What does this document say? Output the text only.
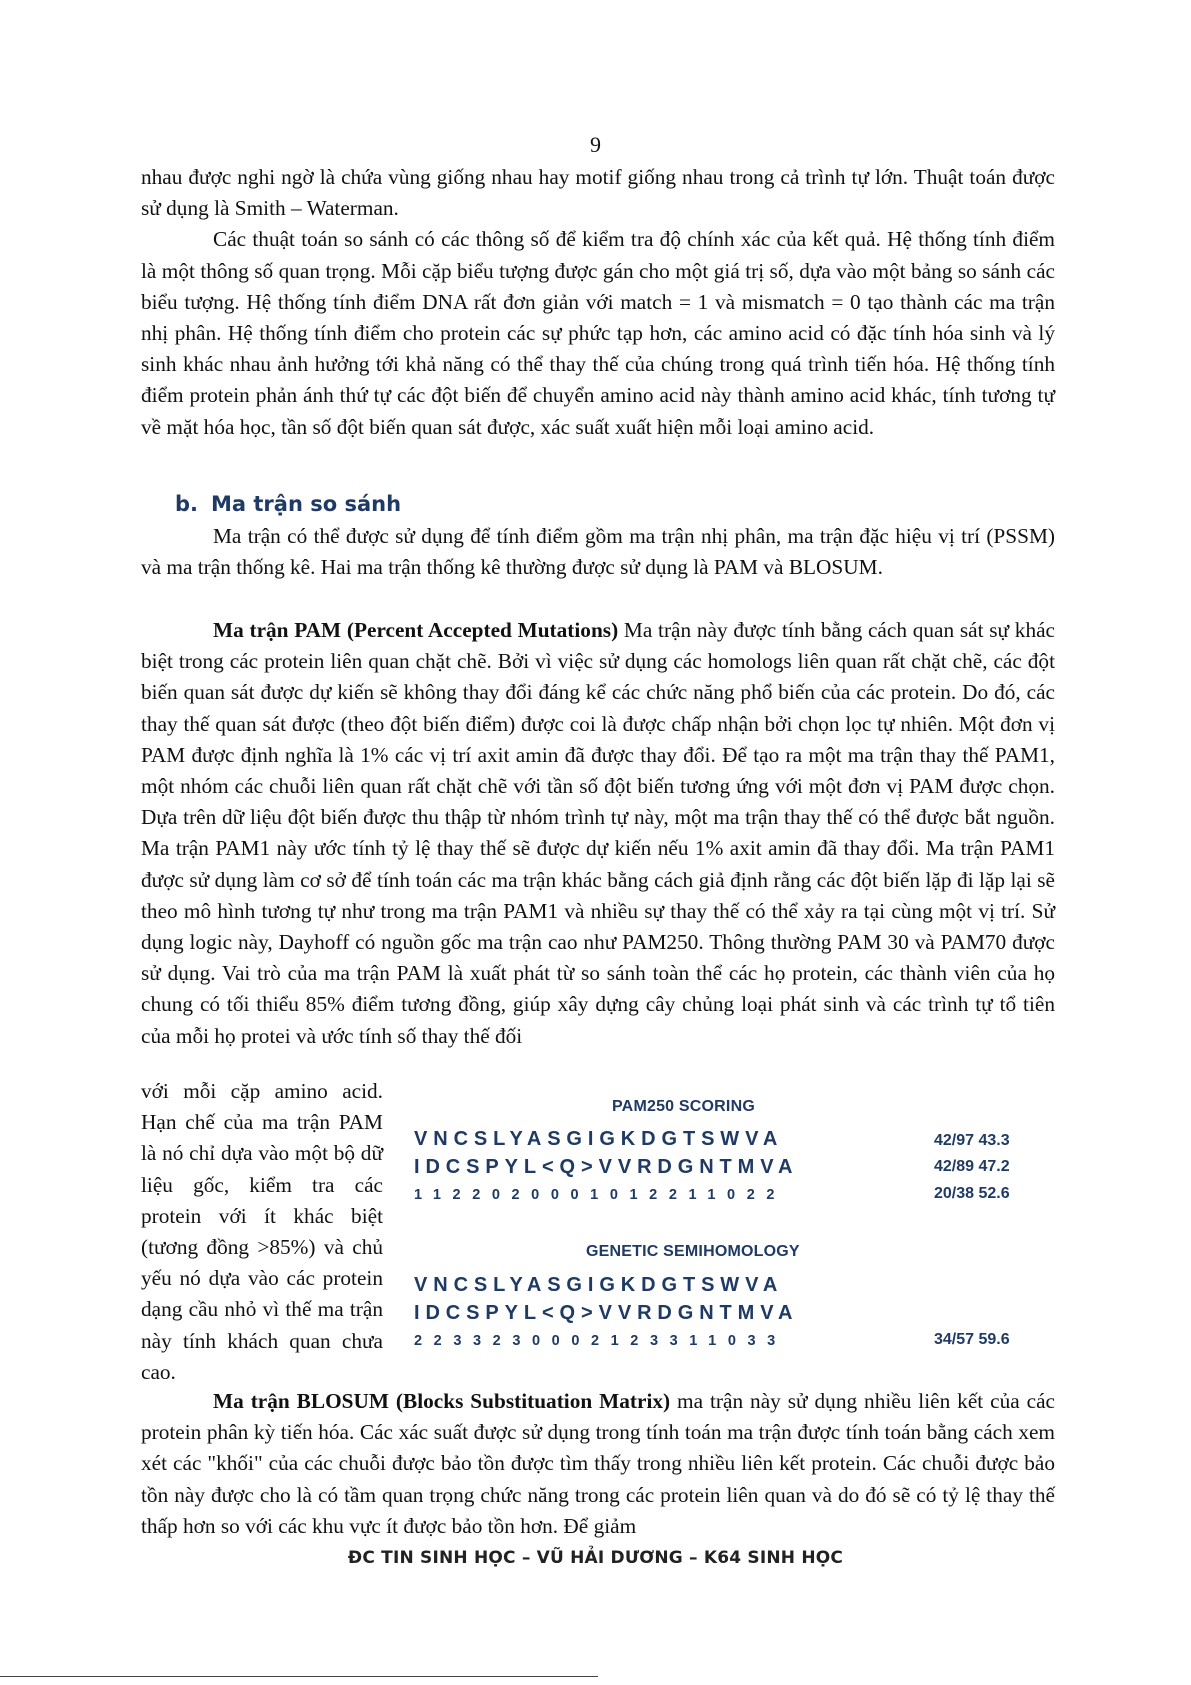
9

nhau được nghi ngờ là chứa vùng giống nhau hay motif giống nhau trong cả trình tự lớn. Thuật toán được sử dụng là Smith – Waterman.

Các thuật toán so sánh có các thông số để kiểm tra độ chính xác của kết quả. Hệ thống tính điểm là một thông số quan trọng. Mỗi cặp biểu tượng được gán cho một giá trị số, dựa vào một bảng so sánh các biểu tượng. Hệ thống tính điểm DNA rất đơn giản với match = 1 và mismatch = 0 tạo thành các ma trận nhị phân. Hệ thống tính điểm cho protein các sự phức tạp hơn, các amino acid có đặc tính hóa sinh và lý sinh khác nhau ảnh hưởng tới khả năng có thể thay thế của chúng trong quá trình tiến hóa. Hệ thống tính điểm protein phản ánh thứ tự các đột biến để chuyển amino acid này thành amino acid khác, tính tương tự về mặt hóa học, tần số đột biến quan sát được, xác suất xuất hiện mỗi loại amino acid.

b. Ma trận so sánh

Ma trận có thể được sử dụng để tính điểm gồm ma trận nhị phân, ma trận đặc hiệu vị trí (PSSM) và ma trận thống kê. Hai ma trận thống kê thường được sử dụng là PAM và BLOSUM.

Ma trận PAM (Percent Accepted Mutations) Ma trận này được tính bằng cách quan sát sự khác biệt trong các protein liên quan chặt chẽ. Bởi vì việc sử dụng các homologs liên quan rất chặt chẽ, các đột biến quan sát được dự kiến sẽ không thay đổi đáng kể các chức năng phổ biến của các protein. Do đó, các thay thế quan sát được (theo đột biến điểm) được coi là được chấp nhận bởi chọn lọc tự nhiên. Một đơn vị PAM được định nghĩa là 1% các vị trí axit amin đã được thay đổi. Để tạo ra một ma trận thay thế PAM1, một nhóm các chuỗi liên quan rất chặt chẽ với tần số đột biến tương ứng với một đơn vị PAM được chọn. Dựa trên dữ liệu đột biến được thu thập từ nhóm trình tự này, một ma trận thay thế có thể được bắt nguồn. Ma trận PAM1 này ước tính tỷ lệ thay thế sẽ được dự kiến nếu 1% axit amin đã thay đổi. Ma trận PAM1 được sử dụng làm cơ sở để tính toán các ma trận khác bằng cách giả định rằng các đột biến lặp đi lặp lại sẽ theo mô hình tương tự như trong ma trận PAM1 và nhiều sự thay thế có thể xảy ra tại cùng một vị trí. Sử dụng logic này, Dayhoff có nguồn gốc ma trận cao như PAM250. Thông thường PAM 30 và PAM70 được sử dụng. Vai trò của ma trận PAM là xuất phát từ so sánh toàn thể các họ protein, các thành viên của họ chung có tối thiểu 85% điểm tương đồng, giúp xây dựng cây chủng loại phát sinh và các trình tự tổ tiên của mỗi họ protei và ước tính số thay thế đối

với mỗi cặp amino acid. Hạn chế của ma trận PAM là nó chỉ dựa vào một bộ dữ liệu gốc, kiểm tra các protein với ít khác biệt (tương đồng >85%) và chủ yếu nó dựa vào các protein dạng cầu nhỏ vì thế ma trận này tính khách quan chưa cao.
PAM250 SCORING
VNCSLYASGIGKDGTSWVA
IDCSPYL<Q>VVRDGNTMVA
1122020001012211022
42/97 43.3
42/89 47.2
20/38 52.6
GENETIC SEMIHOMOLOGY
VNCSLYASGIGKDGTSWVA
IDCSPYL<Q>VVRDGNTMVA
2233230002123311033	34/57 59.6

Ma trận BLOSUM (Blocks Substituation Matrix) ma trận này sử dụng nhiều liên kết của các protein phân kỳ tiến hóa. Các xác suất được sử dụng trong tính toán ma trận được tính toán bằng cách xem xét các "khối" của các chuỗi được bảo tồn được tìm thấy trong nhiều liên kết protein. Các chuỗi được bảo tồn này được cho là có tầm quan trọng chức năng trong các protein liên quan và do đó sẽ có tỷ lệ thay thế thấp hơn so với các khu vực ít được bảo tồn hơn. Để giảm

ĐC TIN SINH HỌC – VŨ HẢI DƯƠNG – K64 SINH HỌC
